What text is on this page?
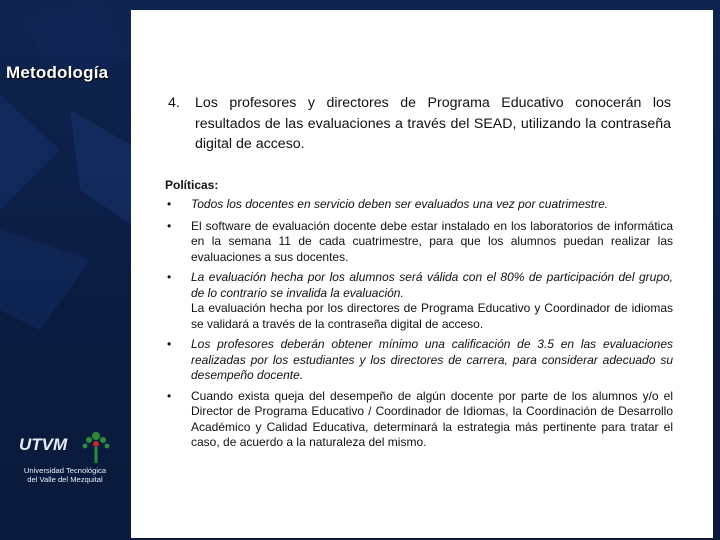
Metodología
4.	Los profesores y directores de Programa Educativo conocerán los resultados de las evaluaciones a través del SEAD, utilizando la contraseña digital de acceso.
Políticas:
• Todos los docentes en servicio deben ser evaluados una vez por cuatrimestre.
• El software de evaluación docente debe estar instalado en los laboratorios de informática en la semana 11 de cada cuatrimestre, para que los alumnos puedan realizar las evaluaciones a sus docentes.
• La evaluación hecha por los alumnos será válida con el 80% de participación del grupo, de lo contrario se invalida la evaluación.
La evaluación hecha por los directores de Programa Educativo y Coordinador de idiomas se validará a través de la contraseña digital de acceso.
• Los profesores deberán obtener mínimo una calificación de 3.5 en las evaluaciones realizadas por los estudiantes y los directores de carrera, para considerar adecuado su desempeño docente.
• Cuando exista queja del desempeño de algún docente por parte de los alumnos y/o el Director de Programa Educativo / Coordinador de Idiomas, la Coordinación de Desarrollo Académico y Calidad Educativa, determinará la estrategia más pertinente para tratar el caso, de acuerdo a la naturaleza del mismo.
UTVM
Universidad Tecnológica
del Valle del Mezquital
